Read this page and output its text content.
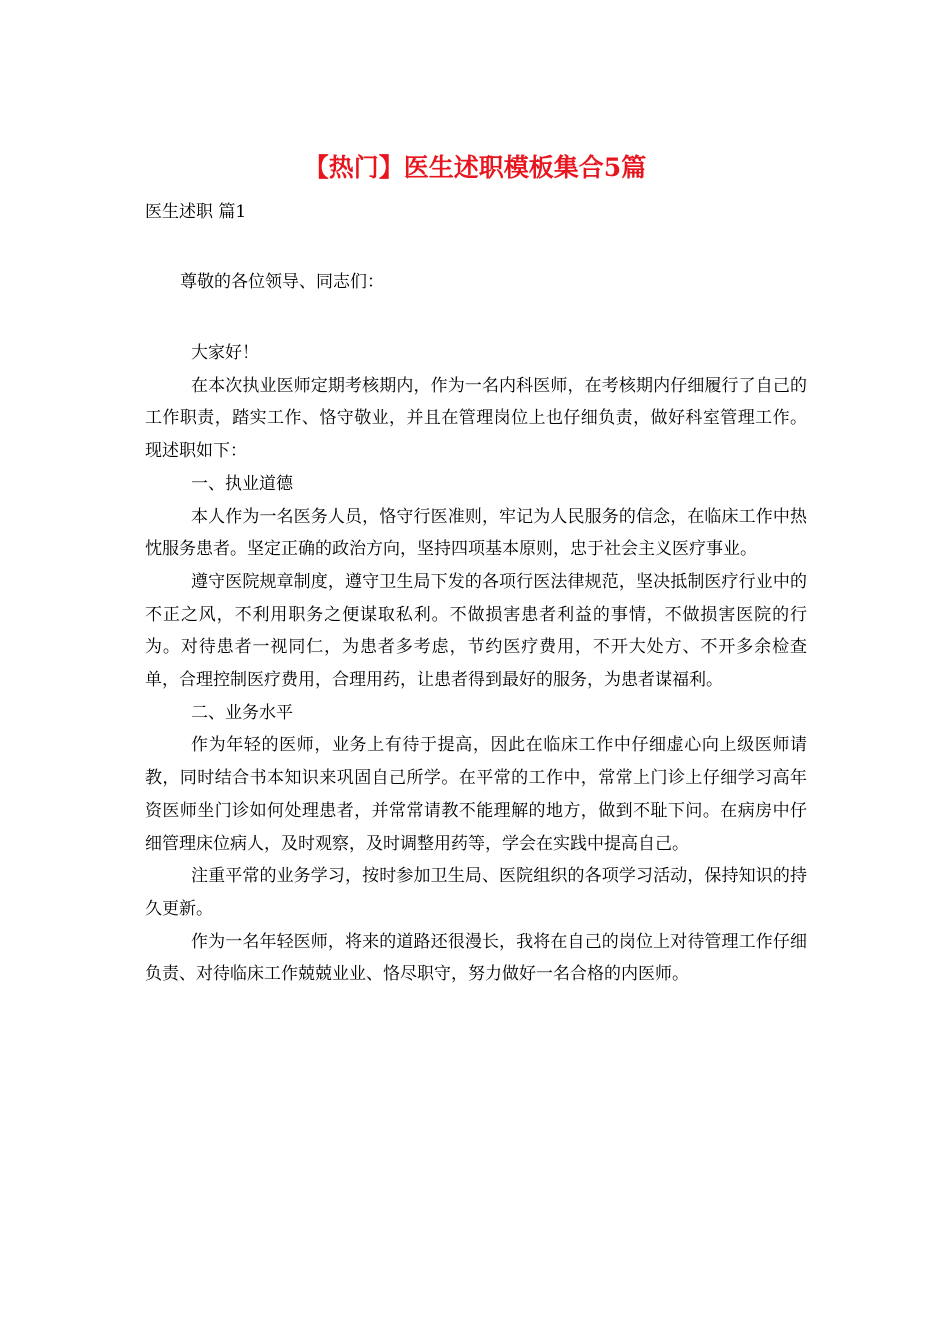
【热门】医生述职模板集合5篇
医生述职 篇1
尊敬的各位领导、同志们：

大家好！

在本次执业医师定期考核期内，作为一名内科医师，在考核期内仔细履行了自己的工作职责，踏实工作、恪守敬业，并且在管理岗位上也仔细负责，做好科室管理工作。现述职如下：

一、执业道德

本人作为一名医务人员，恪守行医准则，牢记为人民服务的信念，在临床工作中热忱服务患者。坚定正确的政治方向，坚持四项基本原则，忠于社会主义医疗事业。

遵守医院规章制度，遵守卫生局下发的各项行医法律规范，坚决抵制医疗行业中的不正之风，不利用职务之便谋取私利。不做损害患者利益的事情，不做损害医院的行为。对待患者一视同仁，为患者多考虑，节约医疗费用，不开大处方、不开多余检查单，合理控制医疗费用，合理用药，让患者得到最好的服务，为患者谋福利。

二、业务水平

作为年轻的医师，业务上有待于提高，因此在临床工作中仔细虚心向上级医师请教，同时结合书本知识来巩固自己所学。在平常的工作中，常常上门诊上仔细学习高年资医师坐门诊如何处理患者，并常常请教不能理解的地方，做到不耻下问。在病房中仔细管理床位病人，及时观察，及时调整用药等，学会在实践中提高自己。

注重平常的业务学习，按时参加卫生局、医院组织的各项学习活动，保持知识的持久更新。

作为一名年轻医师，将来的道路还很漫长，我将在自己的岗位上对待管理工作仔细负责、对待临床工作兢兢业业、恪尽职守，努力做好一名合格的内医师。
